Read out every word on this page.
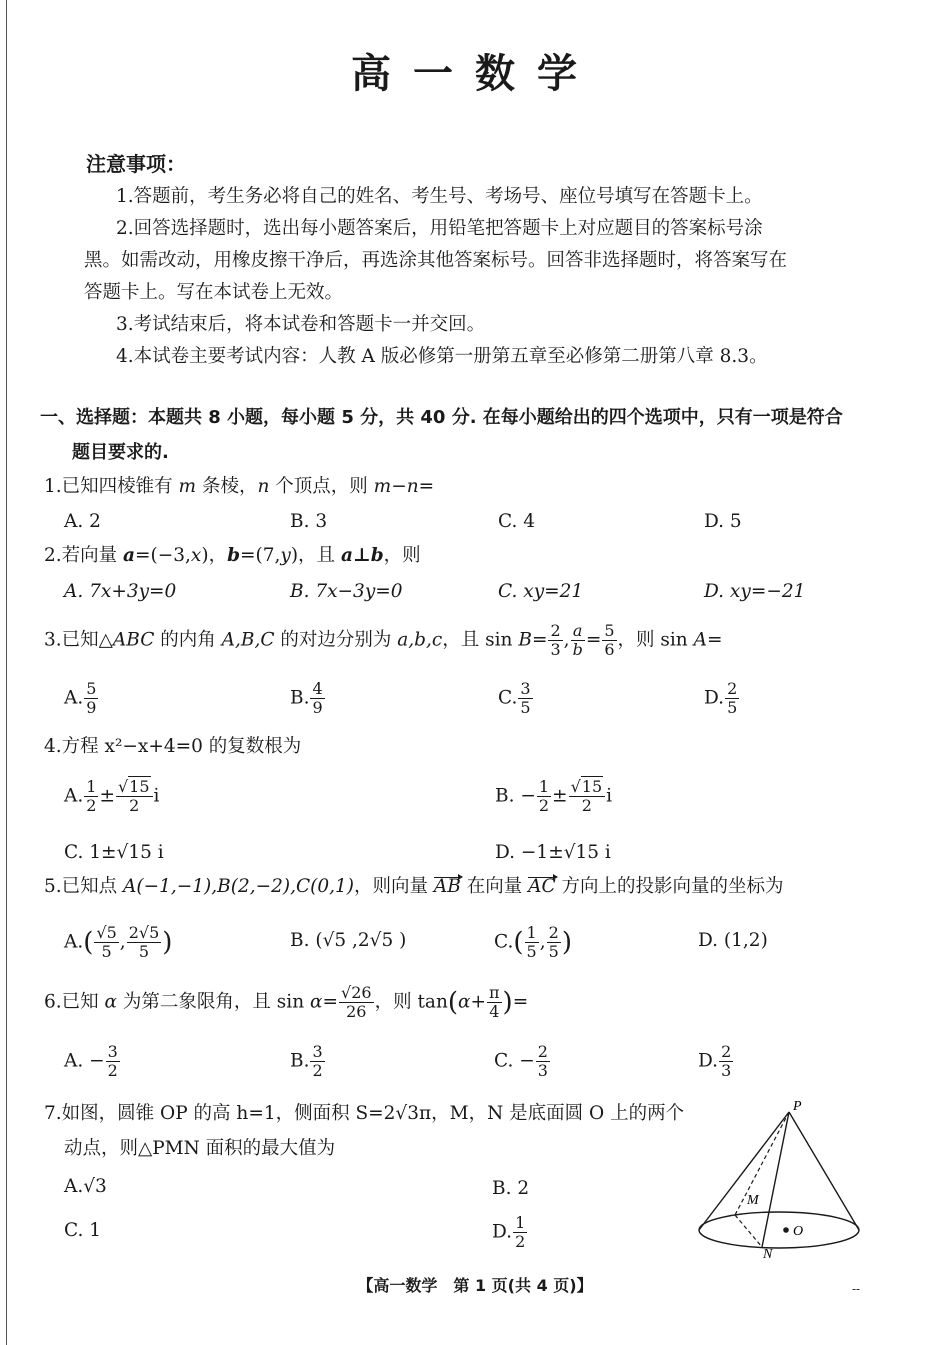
高一数学
注意事项：
1.答题前，考生务必将自己的姓名、考生号、考场号、座位号填写在答题卡上。
2.回答选择题时，选出每小题答案后，用铅笔把答题卡上对应题目的答案标号涂
黑。如需改动，用橡皮擦干净后，再选涂其他答案标号。回答非选择题时，将答案写在
答题卡上。写在本试卷上无效。
3.考试结束后，将本试卷和答题卡一并交回。
4.本试卷主要考试内容：人教 A 版必修第一册第五章至必修第二册第八章 8.3。
一、选择题：本题共 8 小题，每小题 5 分，共 40 分. 在每小题给出的四个选项中，只有一项是符合
题目要求的.
1.已知四棱锥有 m 条棱，n 个顶点，则 m−n=
A. 2	B. 3	C. 4	D. 5
2.若向量 a=(−3,x)，b=(7,y)，且 a⊥b，则
A. 7x+3y=0	B. 7x−3y=0	C. xy=21	D. xy=−21
3.已知△ABC 的内角 A,B,C 的对边分别为 a,b,c，且 $\sin B= \frac{2}{3}$ , $\frac{a}{b} = \frac{5}{6}$ ，则 sin A=
A. $\frac{5}{9}$	B. $\frac{4}{9}$	C. $\frac{3}{5}$	D. $\frac{2}{5}$
4.方程 x²−x+4=0 的复数根为
A. $\frac{1}{2} \pm \frac{√15}{2}$ i	B. − $\frac{1}{2} \pm \frac{√15}{2}$ i
C. 1±√15 i	D. −1±√15 i
5.已知点 A(−1,−1),B(2,−2),C(0,1)，则向量 AB 在向量 AC 方向上的投影向量的坐标为
$A.( \frac{√5}{5}$ , $\frac{2√5}{5}$ )	B. (√5 ,2√5 )	$C.( \frac{1}{5}$ , $\frac{2}{5}$ )	D. (1,2)
6.已知 α 为第二象限角，且 $\sin \alpha= \frac{√26}{26}$ ，则 $\tan(\alpha+ \frac{\pi}{4}$ )=
A. − $\frac{3}{2}$	B. $\frac{3}{2}$	C. − $\frac{2}{3}$	D. $\frac{2}{3}$
7.如图，圆锥 OP 的高 h=1，侧面积 S=2√3π，M，N 是底面圆 O 上的两个
动点，则△PMN 面积的最大值为
A.√3	B. 2
C. 1	D. $\frac{1}{2}$
P
M
N
O
【高一数学　第 1 页(共 4 页)】	--
